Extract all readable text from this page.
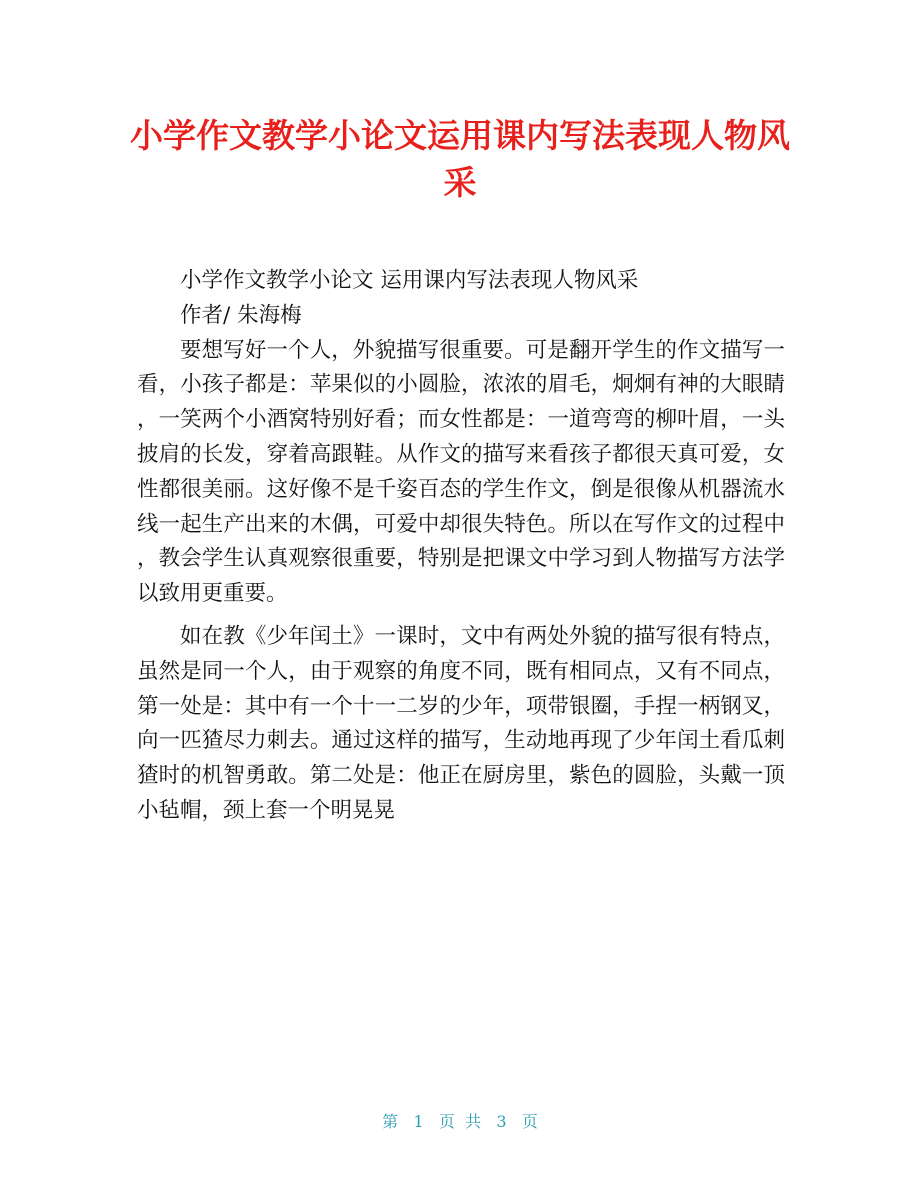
小学作文教学小论文运用课内写法表现人物风采

小学作文教学小论文 运用课内写法表现人物风采

作者/ 朱海梅

要想写好一个人，外貌描写很重要。可是翻开学生的作文描写一看，小孩子都是：苹果似的小圆脸，浓浓的眉毛，炯炯有神的大眼睛，一笑两个小酒窝特别好看；而女性都是：一道弯弯的柳叶眉，一头披肩的长发，穿着高跟鞋。从作文的描写来看孩子都很天真可爱，女性都很美丽。这好像不是千姿百态的学生作文，倒是很像从机器流水线一起生产出来的木偶，可爱中却很失特色。所以在写作文的过程中，教会学生认真观察很重要，特别是把课文中学习到人物描写方法学以致用更重要。

如在教《少年闰土》一课时，文中有两处外貌的描写很有特点，虽然是同一个人，由于观察的角度不同，既有相同点，又有不同点，第一处是：其中有一个十一二岁的少年，项带银圈，手捏一柄钢叉，向一匹猹尽力刺去。通过这样的描写，生动地再现了少年闰土看瓜刺猹时的机智勇敢。第二处是：他正在厨房里，紫色的圆脸，头戴一顶小毡帽，颈上套一个明晃晃

第 1 页  共 3 页
